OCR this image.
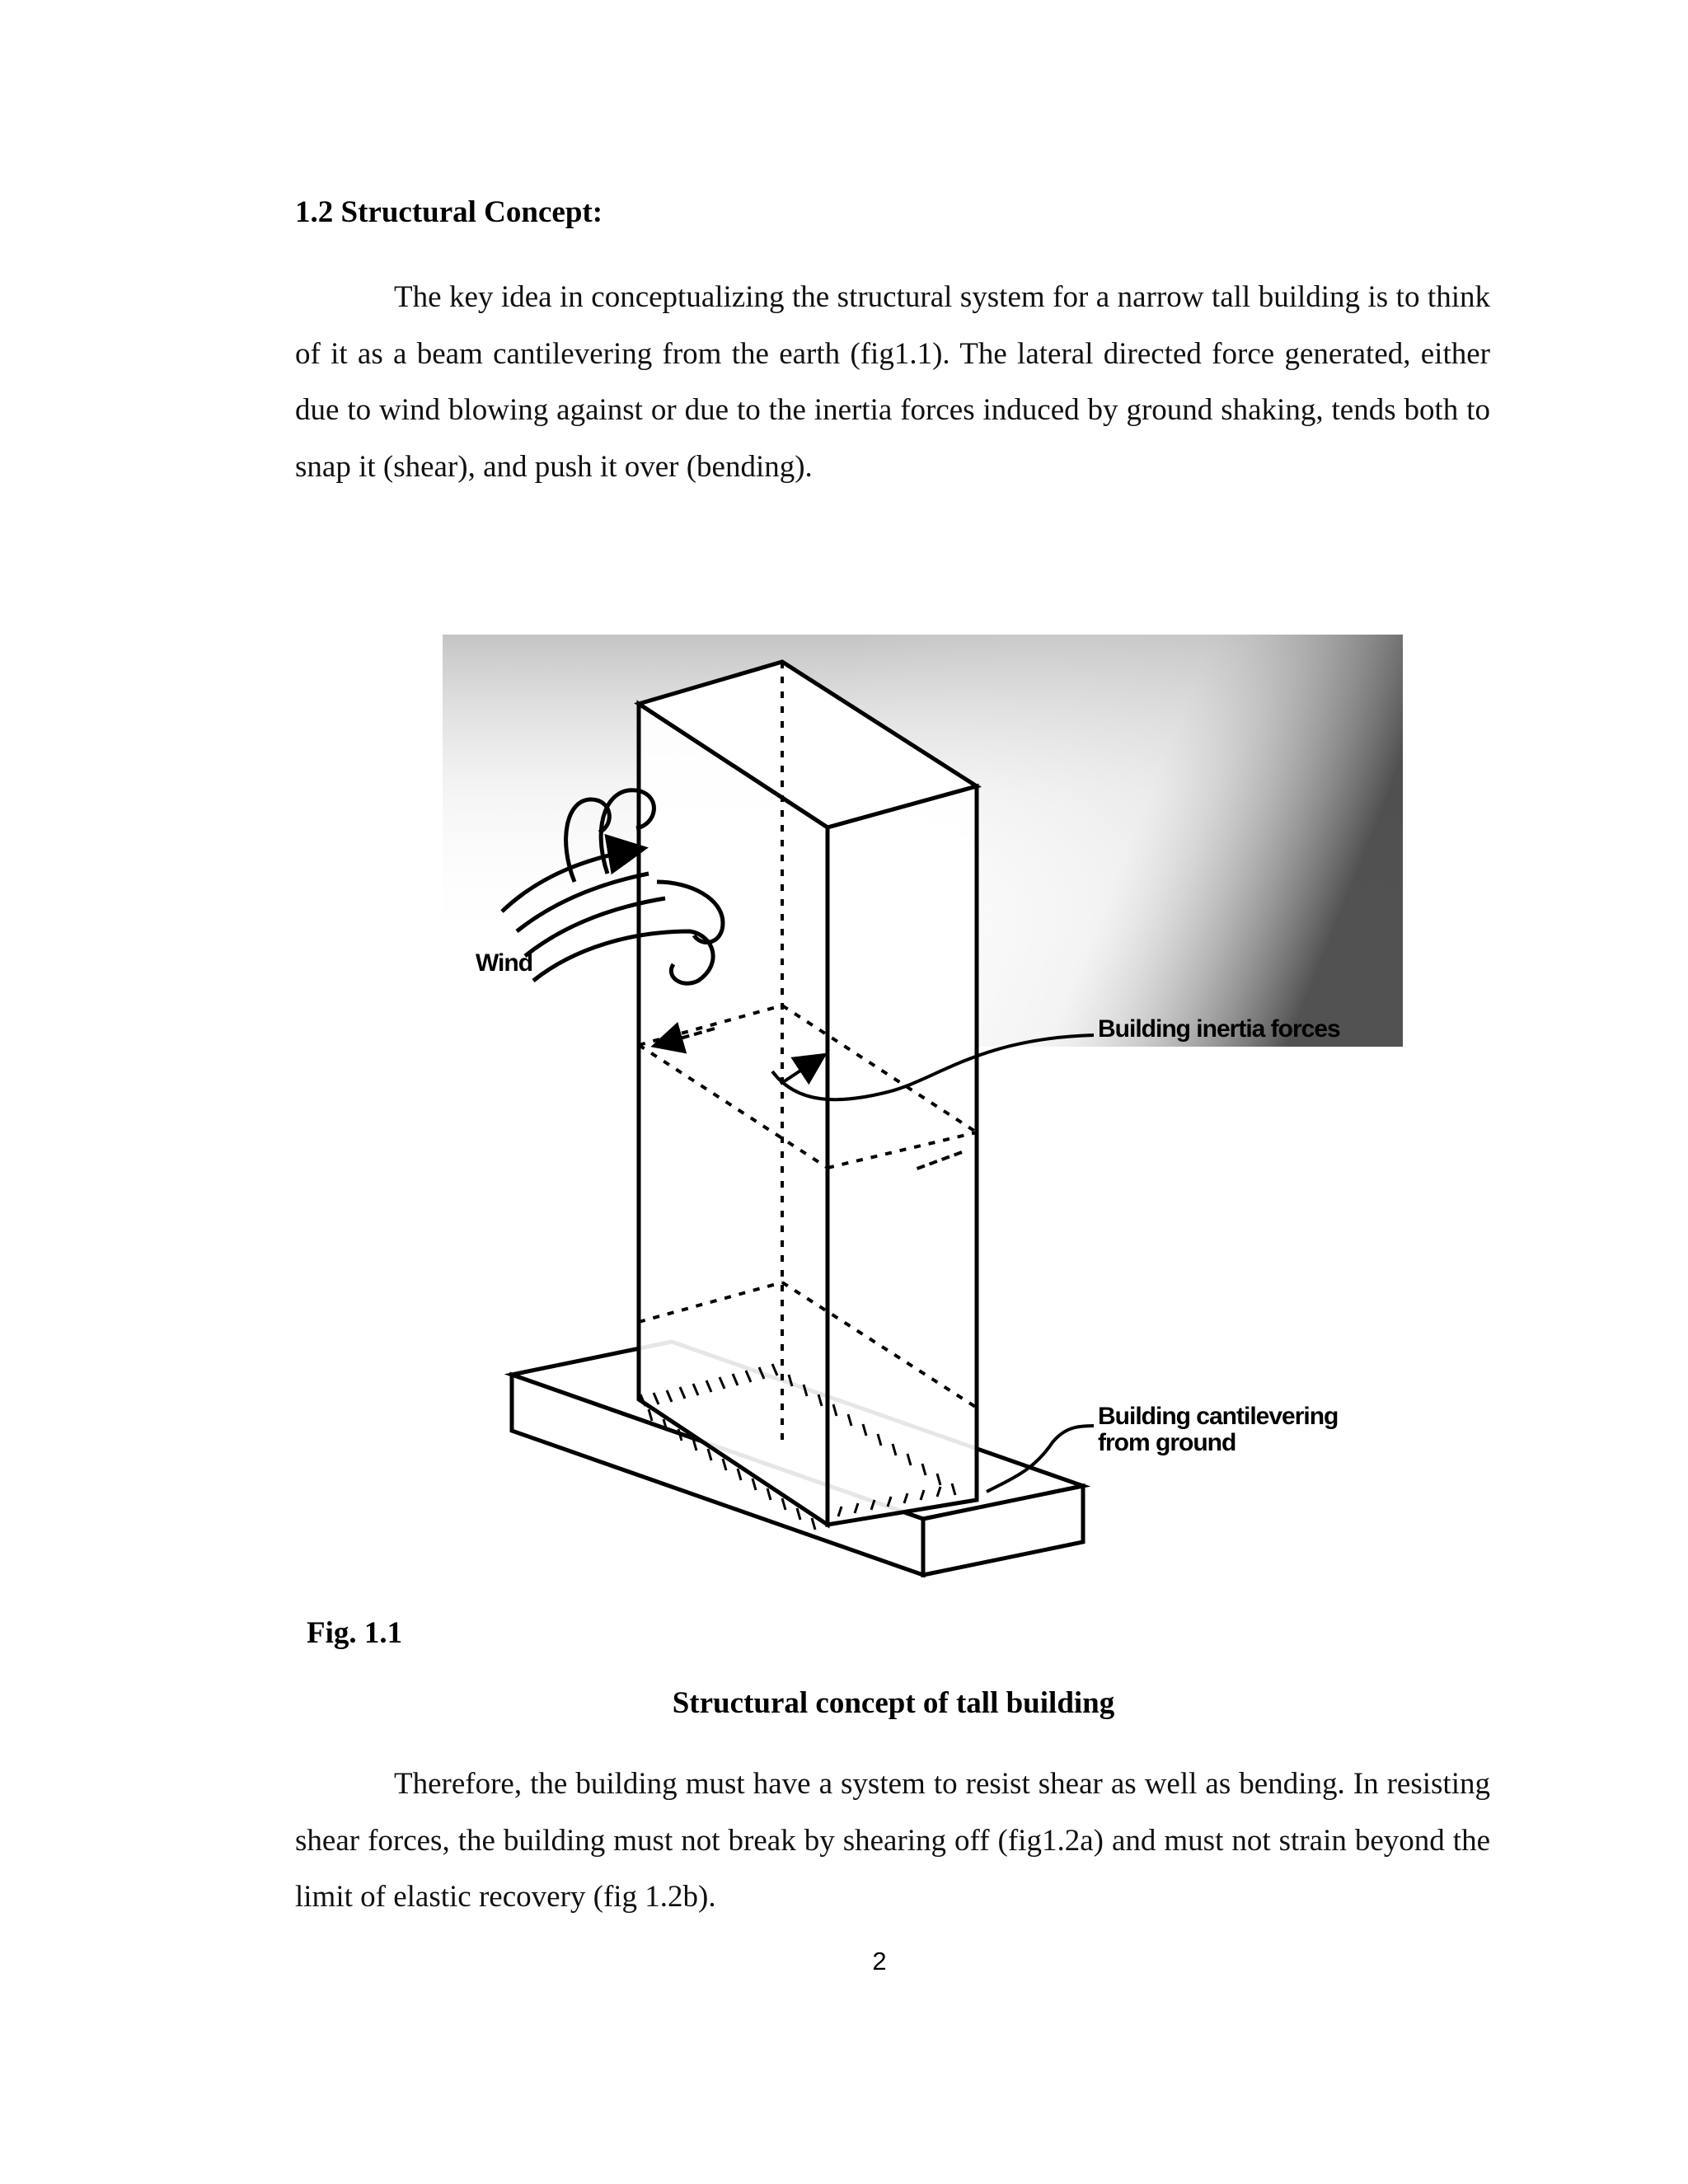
1.2 Structural Concept:

The key idea in conceptualizing the structural system for a narrow tall building is to think of it as a beam cantilevering from the earth (fig1.1). The lateral directed force generated, either due to wind blowing against or due to the inertia forces induced by ground shaking, tends both to snap it (shear), and push it over (bending).

Wind
Building inertia forces
Building cantilevering
from ground
Fig. 1.1
Structural concept of tall building

Therefore, the building must have a system to resist shear as well as bending. In resisting shear forces, the building must not break by shearing off (fig1.2a) and must not strain beyond the limit of elastic recovery (fig 1.2b).

2
